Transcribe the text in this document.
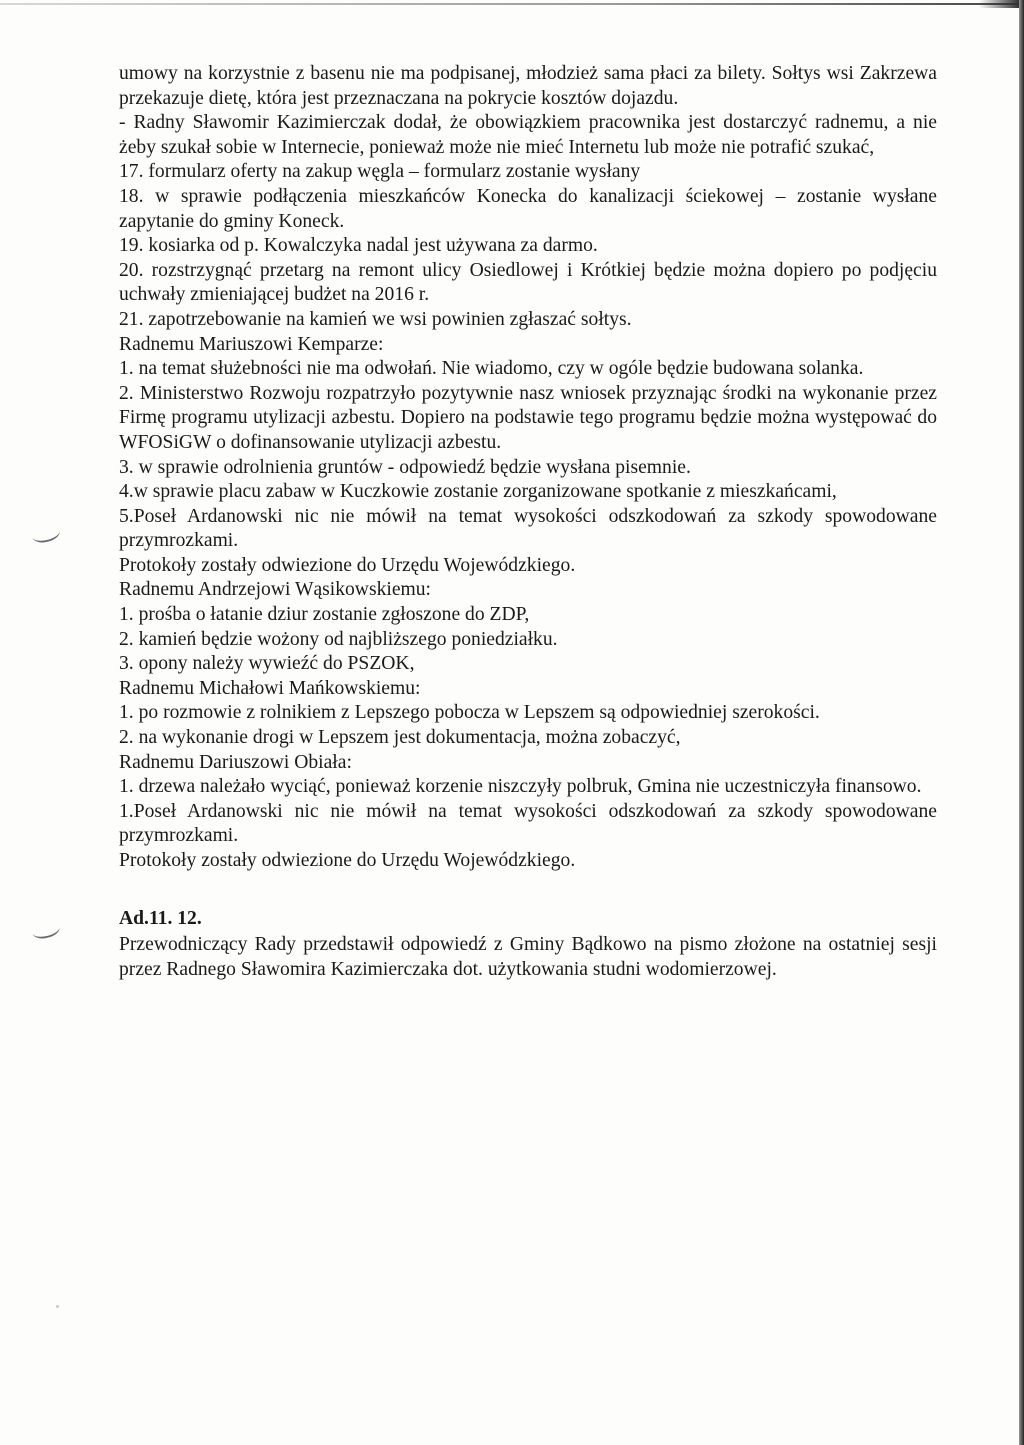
umowy na korzystnie z basenu nie ma podpisanej, młodzież sama płaci za bilety. Sołtys wsi Zakrzewa przekazuje dietę, która jest przeznaczana na pokrycie kosztów dojazdu.

- Radny Sławomir Kazimierczak dodał, że obowiązkiem pracownika jest dostarczyć radnemu, a nie żeby szukał sobie w Internecie, ponieważ może nie mieć Internetu lub może nie potrafić szukać,

17. formularz oferty na zakup węgla – formularz zostanie wysłany

18. w sprawie podłączenia mieszkańców Konecka do kanalizacji ściekowej – zostanie wysłane zapytanie do gminy Koneck.

19. kosiarka od p. Kowalczyka nadal jest używana za darmo.

20. rozstrzygnąć przetarg na remont ulicy Osiedlowej i Krótkiej będzie można dopiero po podjęciu uchwały zmieniającej budżet na 2016 r.

21. zapotrzebowanie na kamień we wsi powinien zgłaszać sołtys.

Radnemu Mariuszowi Kemparze:

1. na temat służebności nie ma odwołań. Nie wiadomo, czy w ogóle będzie budowana solanka.

2. Ministerstwo Rozwoju rozpatrzyło pozytywnie nasz wniosek przyznając środki na wykonanie przez Firmę programu utylizacji azbestu. Dopiero na podstawie tego programu będzie można występować do WFOSiGW o dofinansowanie utylizacji azbestu.

3. w sprawie odrolnienia gruntów - odpowiedź będzie wysłana pisemnie.

4.w sprawie placu zabaw w Kuczkowie zostanie zorganizowane spotkanie z mieszkańcami,

5.Poseł Ardanowski nic nie mówił na temat wysokości odszkodowań za szkody spowodowane przymrozkami.

Protokoły zostały odwiezione do Urzędu Wojewódzkiego.

Radnemu Andrzejowi Wąsikowskiemu:

1. prośba o łatanie dziur zostanie zgłoszone do ZDP,

2. kamień będzie wożony od najbliższego poniedziałku.

3. opony należy wywieźć do PSZOK,

Radnemu Michałowi Mańkowskiemu:

1. po rozmowie z rolnikiem z Lepszego pobocza w Lepszem są odpowiedniej szerokości.

2. na wykonanie drogi w Lepszem jest dokumentacja, można zobaczyć,

Radnemu Dariuszowi Obiała:

1. drzewa należało wyciąć, ponieważ korzenie niszczyły polbruk, Gmina nie uczestniczyła finansowo.

1.Poseł Ardanowski nic nie mówił na temat wysokości odszkodowań za szkody spowodowane przymrozkami.

Protokoły zostały odwiezione do Urzędu Wojewódzkiego.

Ad.11. 12.

Przewodniczący Rady przedstawił odpowiedź z Gminy Bądkowo na pismo złożone na ostatniej sesji przez Radnego Sławomira Kazimierczaka dot. użytkowania studni wodomierzowej.
